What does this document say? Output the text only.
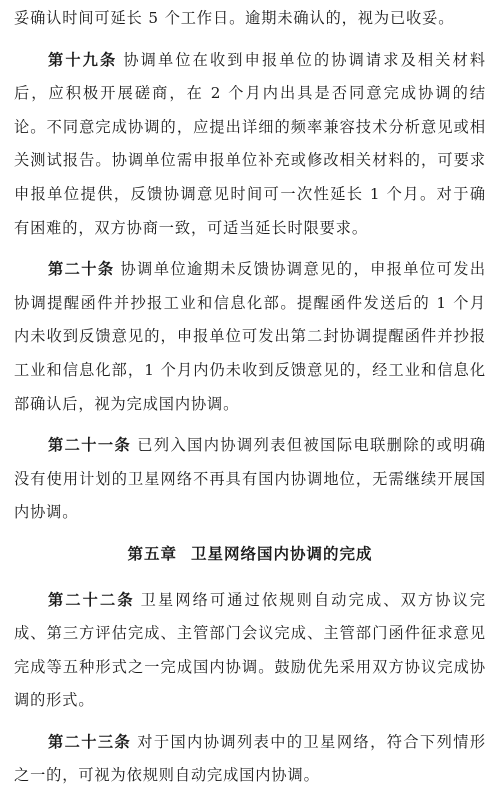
妥确认时间可延长 5 个工作日。逾期未确认的，视为已收妥。

第十九条 协调单位在收到申报单位的协调请求及相关材料后，应积极开展磋商，在 2 个月内出具是否同意完成协调的结论。不同意完成协调的，应提出详细的频率兼容技术分析意见或相关测试报告。协调单位需申报单位补充或修改相关材料的，可要求申报单位提供，反馈协调意见时间可一次性延长 1 个月。对于确有困难的，双方协商一致，可适当延长时限要求。

第二十条 协调单位逾期未反馈协调意见的，申报单位可发出协调提醒函件并抄报工业和信息化部。提醒函件发送后的 1 个月内未收到反馈意见的，申报单位可发出第二封协调提醒函件并抄报工业和信息化部，1 个月内仍未收到反馈意见的，经工业和信息化部确认后，视为完成国内协调。

第二十一条 已列入国内协调列表但被国际电联删除的或明确没有使用计划的卫星网络不再具有国内协调地位，无需继续开展国内协调。

第五章 卫星网络国内协调的完成

第二十二条 卫星网络可通过依规则自动完成、双方协议完成、第三方评估完成、主管部门会议完成、主管部门函件征求意见完成等五种形式之一完成国内协调。鼓励优先采用双方协议完成协调的形式。

第二十三条 对于国内协调列表中的卫星网络，符合下列情形之一的，可视为依规则自动完成国内协调。
